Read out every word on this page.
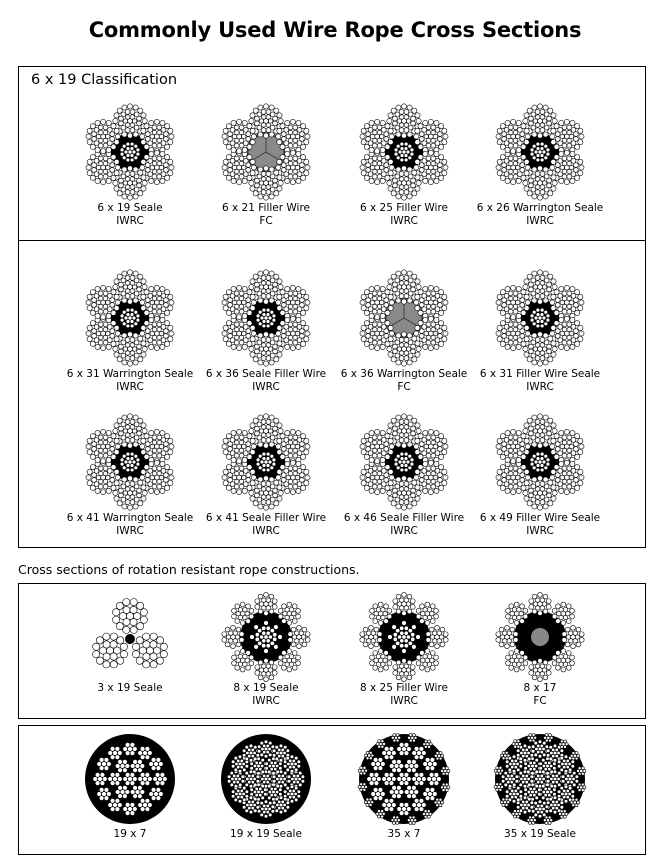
Commonly Used Wire Rope Cross Sections
6 x 19 Classification
Cross sections of rotation resistant rope constructions.
6 x 19 Seale
IWRC
6 x 21 Filler Wire
FC
6 x 25 Filler Wire
IWRC
6 x 26 Warrington Seale
IWRC
6 x 31 Warrington Seale
IWRC
6 x 36 Seale Filler Wire
IWRC
6 x 36 Warrington Seale
FC
6 x 31 Filler Wire Seale
IWRC
6 x 41 Warrington Seale
IWRC
6 x 41 Seale Filler Wire
IWRC
6 x 46 Seale Filler Wire
IWRC
6 x 49 Filler Wire Seale
IWRC
3 x 19 Seale	8 x 19 Seale
IWRC
8 x 25 Filler Wire
IWRC
8 x 17
FC
19 x 7	19 x 19 Seale	35 x 7	35 x 19 Seale
